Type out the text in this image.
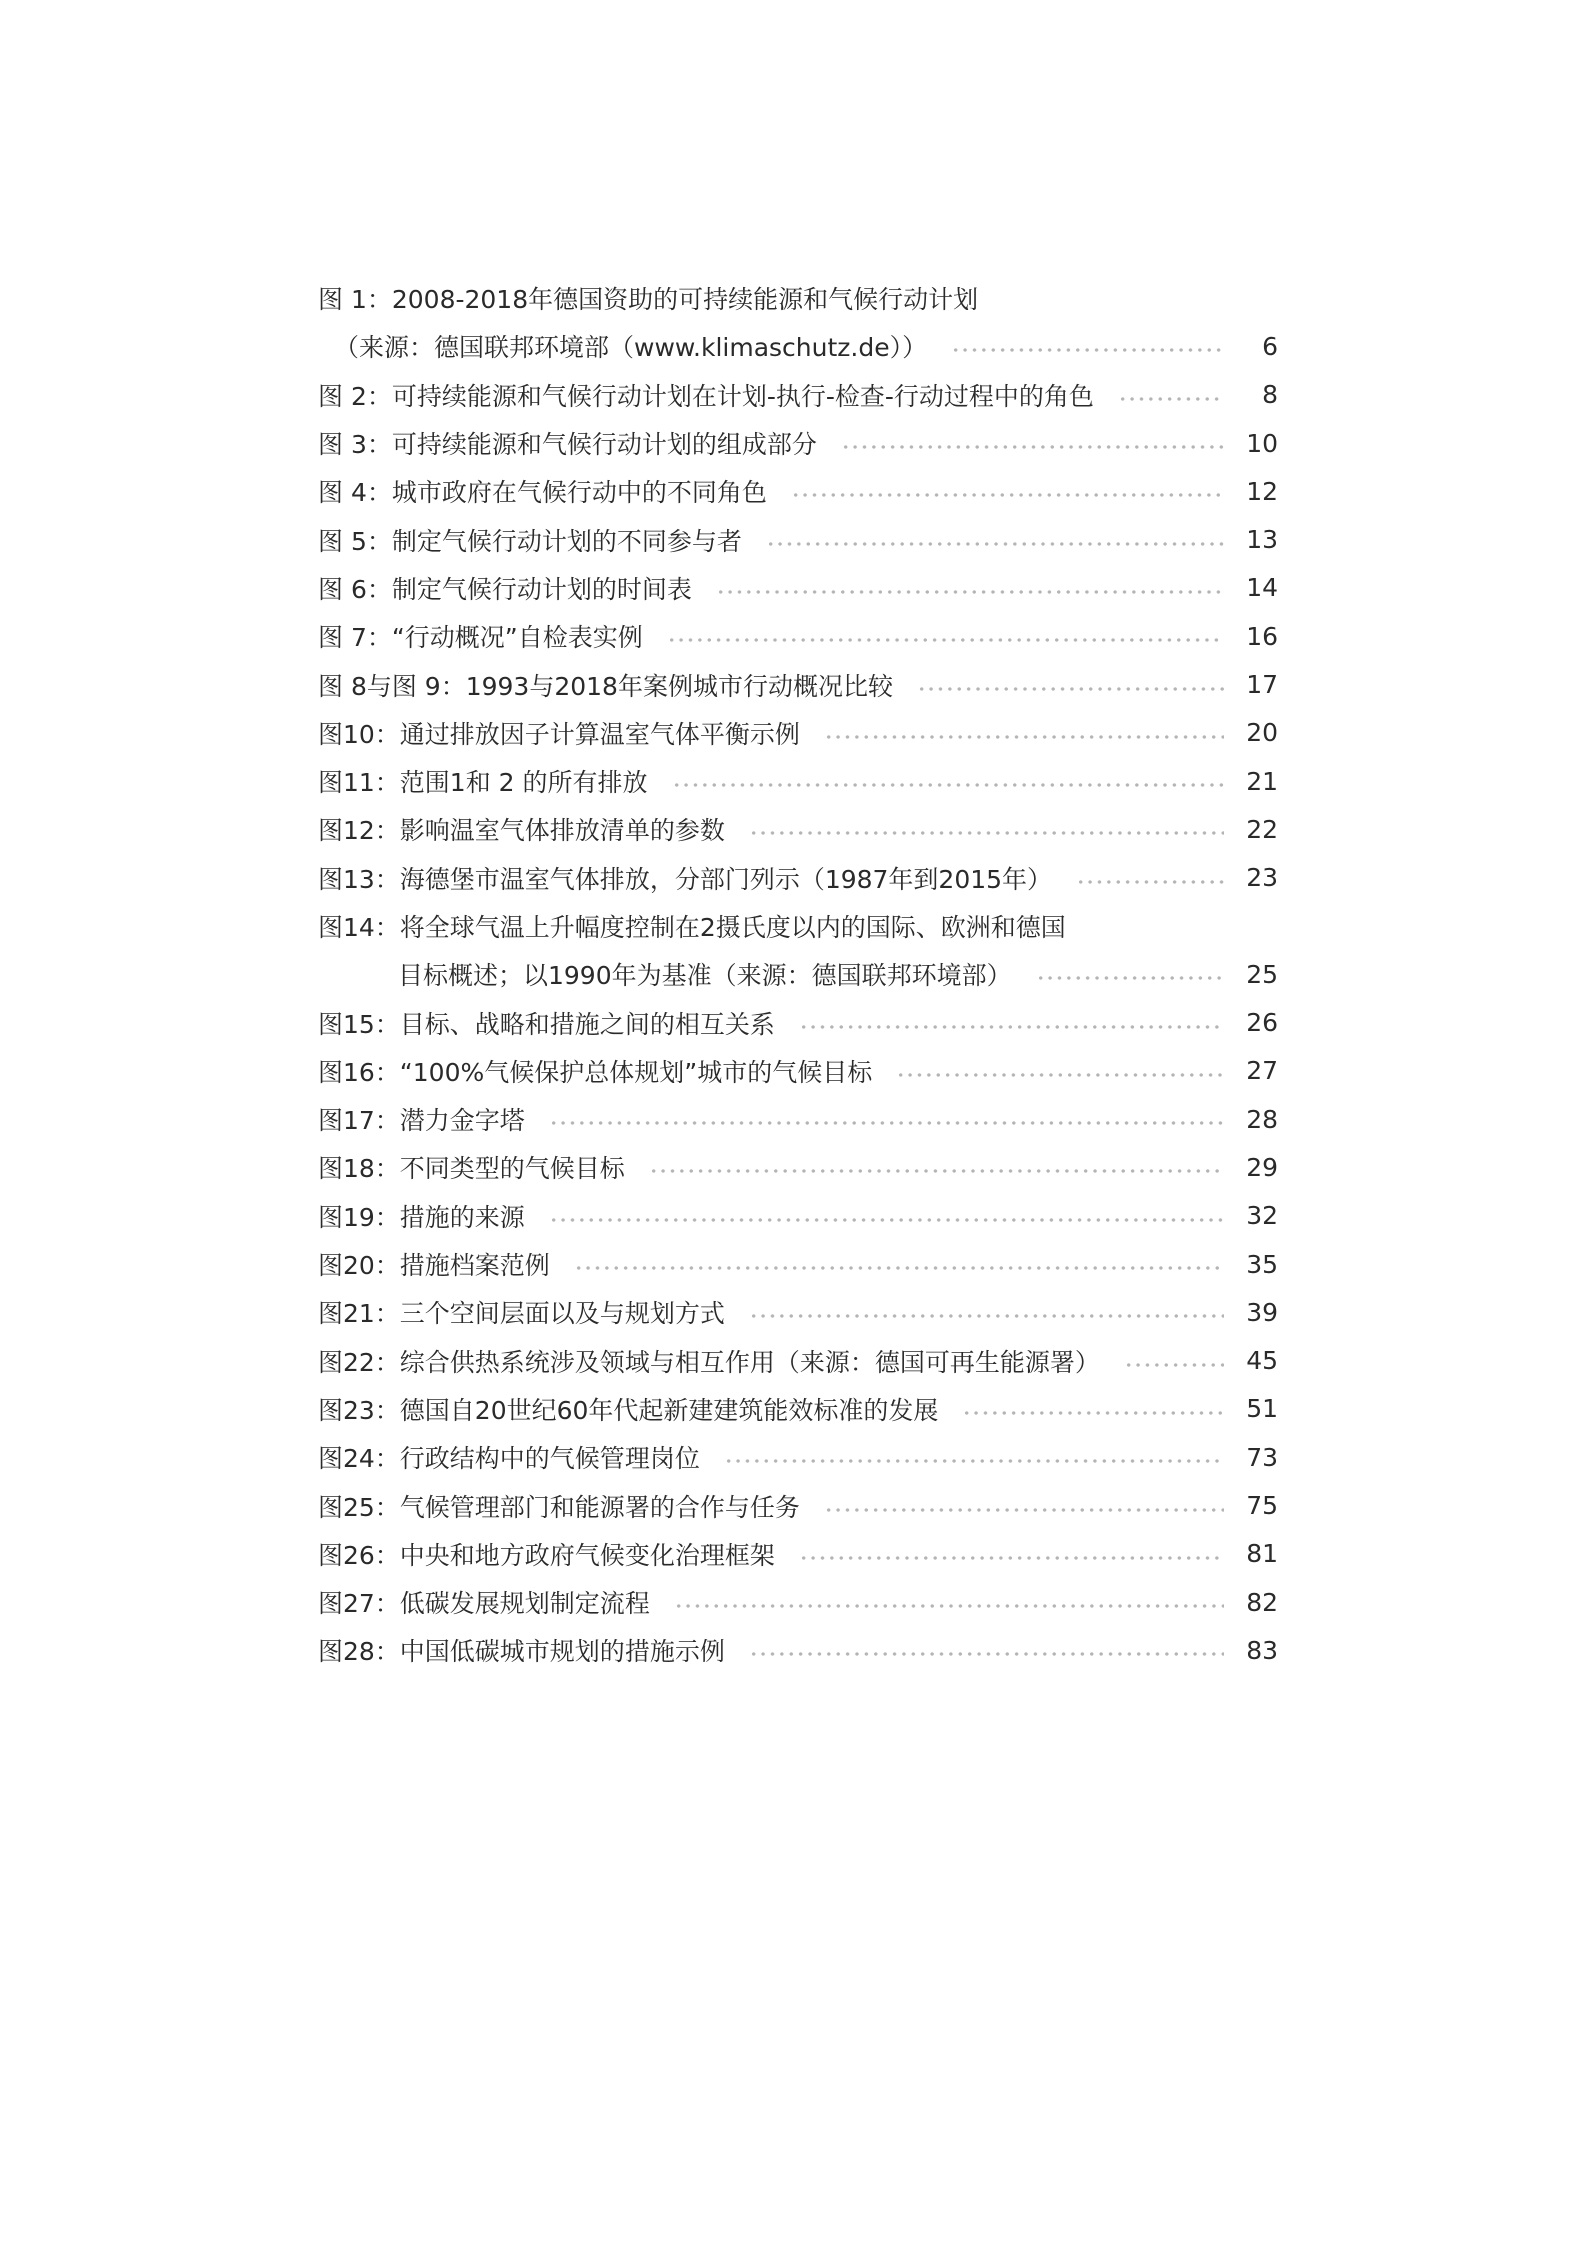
图 1：2008-2018年德国资助的可持续能源和气候行动计划
（来源：德国联邦环境部（www.klimaschutz.de））	6
图 2：可持续能源和气候行动计划在计划-执行-检查-行动过程中的角色	8
图 3：可持续能源和气候行动计划的组成部分	10
图 4：城市政府在气候行动中的不同角色	12
图 5：制定气候行动计划的不同参与者	13
图 6：制定气候行动计划的时间表	14
图 7：“行动概况”自检表实例	16
图 8与图 9：1993与2018年案例城市行动概况比较	17
图10：通过排放因子计算温室气体平衡示例	20
图11：范围1和 2 的所有排放	21
图12：影响温室气体排放清单的参数	22
图13：海德堡市温室气体排放，分部门列示（1987年到2015年）	23
图14：将全球气温上升幅度控制在2摄氏度以内的国际、欧洲和德国
目标概述；以1990年为基准（来源：德国联邦环境部）	25
图15：目标、战略和措施之间的相互关系	26
图16：“100%气候保护总体规划”城市的气候目标	27
图17：潜力金字塔	28
图18：不同类型的气候目标	29
图19：措施的来源	32
图20：措施档案范例	35
图21：三个空间层面以及与规划方式	39
图22：综合供热系统涉及领域与相互作用（来源：德国可再生能源署）	45
图23：德国自20世纪60年代起新建建筑能效标准的发展	51
图24：行政结构中的气候管理岗位	73
图25：气候管理部门和能源署的合作与任务	75
图26：中央和地方政府气候变化治理框架	81
图27：低碳发展规划制定流程	82
图28：中国低碳城市规划的措施示例	83
